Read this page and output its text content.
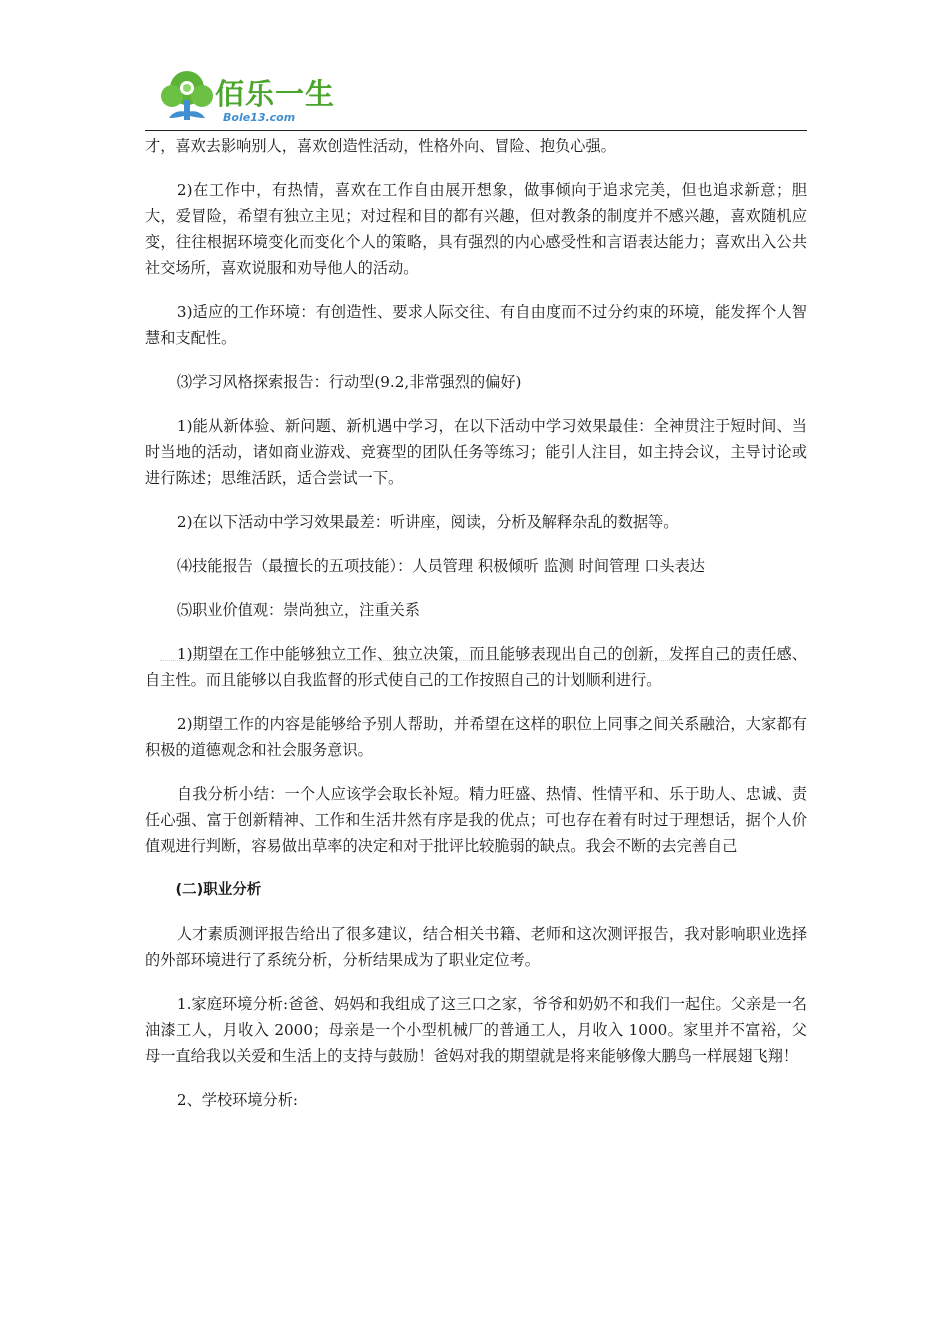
佰乐一生
Bole13.com

才，喜欢去影响别人，喜欢创造性活动，性格外向、冒险、抱负心强。

2)在工作中，有热情，喜欢在工作自由展开想象，做事倾向于追求完美，但也追求新意；胆大，爱冒险，希望有独立主见；对过程和目的都有兴趣，但对教条的制度并不感兴趣，喜欢随机应变，往往根据环境变化而变化个人的策略，具有强烈的内心感受性和言语表达能力；喜欢出入公共社交场所，喜欢说服和劝导他人的活动。

3)适应的工作环境：有创造性、要求人际交往、有自由度而不过分约束的环境，能发挥个人智慧和支配性。

⑶学习风格探索报告：行动型(9.2,非常强烈的偏好)

1)能从新体验、新问题、新机遇中学习，在以下活动中学习效果最佳：全神贯注于短时间、当时当地的活动，诸如商业游戏、竞赛型的团队任务等练习；能引人注目，如主持会议，主导讨论或进行陈述；思维活跃，适合尝试一下。

2)在以下活动中学习效果最差：听讲座，阅读，分析及解释杂乱的数据等。

⑷技能报告（最擅长的五项技能）：人员管理 积极倾听 监测 时间管理 口头表达

⑸职业价值观：崇尚独立，注重关系

1)期望在工作中能够独立工作、独立决策，而且能够表现出自己的创新，发挥自己的责任感、自主性。而且能够以自我监督的形式使自己的工作按照自己的计划顺利进行。

2)期望工作的内容是能够给予别人帮助，并希望在这样的职位上同事之间关系融洽，大家都有积极的道德观念和社会服务意识。

自我分析小结：一个人应该学会取长补短。精力旺盛、热情、性情平和、乐于助人、忠诚、责任心强、富于创新精神、工作和生活井然有序是我的优点；可也存在着有时过于理想话，据个人价值观进行判断，容易做出草率的决定和对于批评比较脆弱的缺点。我会不断的去完善自己

(二)职业分析

人才素质测评报告给出了很多建议，结合相关书籍、老师和这次测评报告，我对影响职业选择的外部环境进行了系统分析，分析结果成为了职业定位考。

1.家庭环境分析:爸爸、妈妈和我组成了这三口之家，爷爷和奶奶不和我们一起住。父亲是一名油漆工人，月收入 2000；母亲是一个小型机械厂的普通工人，月收入 1000。家里并不富裕，父母一直给我以关爱和生活上的支持与鼓励！爸妈对我的期望就是将来能够像大鹏鸟一样展翅飞翔！

2、学校环境分析:
